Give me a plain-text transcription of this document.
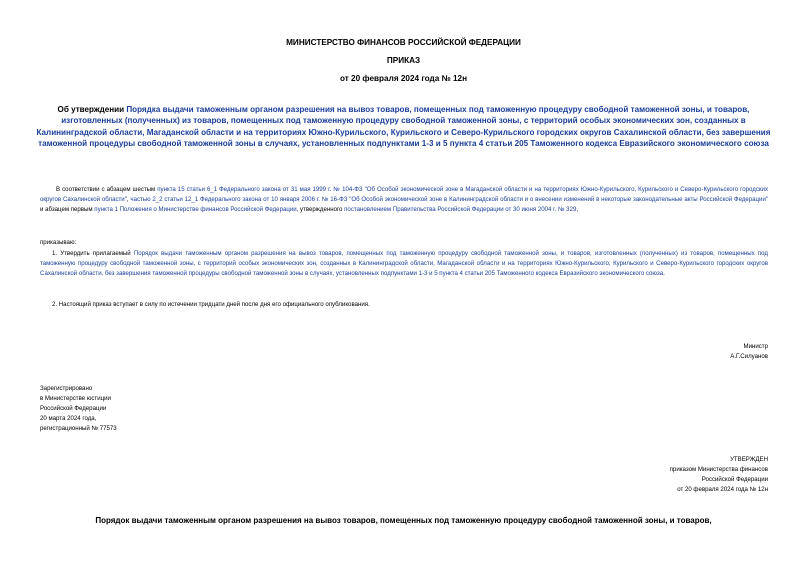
МИНИСТЕРСТВО ФИНАНСОВ РОССИЙСКОЙ ФЕДЕРАЦИИ
ПРИКАЗ
от 20 февраля 2024 года № 12н
Об утверждении Порядка выдачи таможенным органом разрешения на вывоз товаров, помещенных под таможенную процедуру свободной таможенной зоны, и товаров, изготовленных (полученных) из товаров, помещенных под таможенную процедуру свободной таможенной зоны, с территорий особых экономических зон, созданных в Калининградской области, Магаданской области и на территориях Южно-Курильского, Курильского и Северо-Курильского городских округов Сахалинской области, без завершения таможенной процедуры свободной таможенной зоны в случаях, установленных подпунктами 1-3 и 5 пункта 4 статьи 205 Таможенного кодекса Евразийского экономического союза
В соответствии с абзацем шестым пункта 15 статьи 6_1 Федерального закона от 31 мая 1999 г. № 104-ФЗ "Об Особой экономической зоне в Магаданской области и на территориях Южно-Курильского, Курильского и Северо-Курильского городских округов Сахалинской области", частью 2_2 статьи 12_1 Федерального закона от 10 января 2006 г. № 16-ФЗ "Об Особой экономической зоне в Калининградской области и о внесении изменений в некоторые законодательные акты Российской Федерации" и абзацем первым пункта 1 Положения о Министерстве финансов Российской Федерации, утвержденного постановлением Правительства Российской Федерации от 30 июня 2004 г. № 329,
приказываю:
1. Утвердить прилагаемый Порядок выдачи таможенным органом разрешения на вывоз товаров, помещенных под таможенную процедуру свободной таможенной зоны, и товаров, изготовленных (полученных) из товаров, помещенных под таможенную процедуру свободной таможенной зоны, с территорий особых экономических зон, созданных в Калининградской области, Магаданской области и на территориях Южно-Курильского, Курильского и Северо-Курильского городских округов Сахалинской области, без завершения таможенной процедуры свободной таможенной зоны в случаях, установленных подпунктами 1-3 и 5 пункта 4 статьи 205 Таможенного кодекса Евразийского экономического союза.
2. Настоящий приказ вступает в силу по истечении тридцати дней после дня его официального опубликования.
Министр
А.Г.Силуанов
Зарегистрировано
в Министерстве юстиции
Российской Федерации
20 марта 2024 года,
регистрационный № 77573
УТВЕРЖДЕН
приказом Министерства финансов
Российской Федерации
от 20 февраля 2024 года № 12н
Порядок выдачи таможенным органом разрешения на вывоз товаров, помещенных под таможенную процедуру свободной таможенной зоны, и товаров,
